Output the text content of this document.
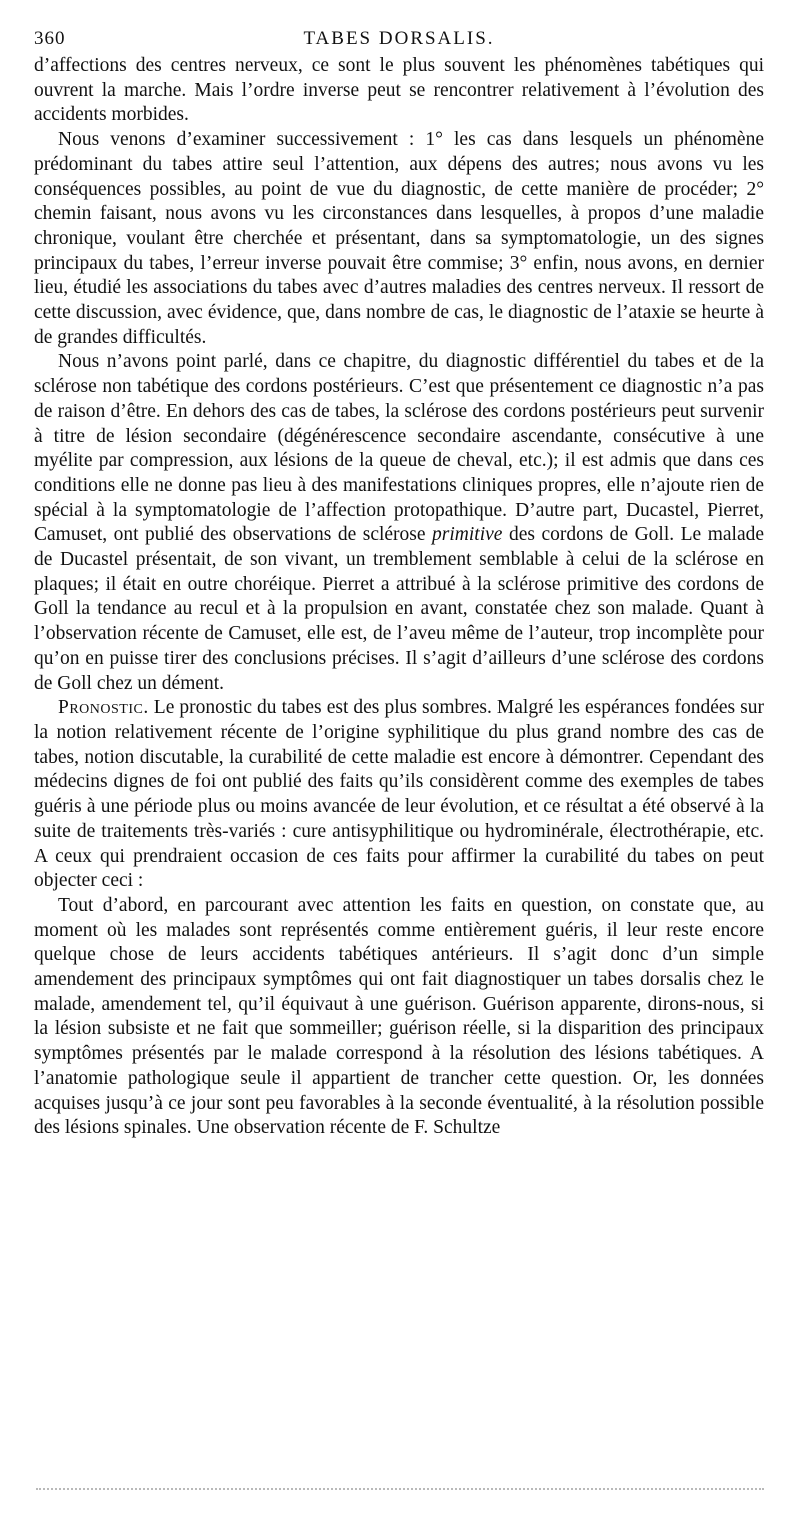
360	TABES DORSALIS.

d’affections des centres nerveux, ce sont le plus souvent les phénomènes tabétiques qui ouvrent la marche. Mais l’ordre inverse peut se rencontrer relativement à l’évolution des accidents morbides.

Nous venons d’examiner successivement : 1° les cas dans lesquels un phénomène prédominant du tabes attire seul l’attention, aux dépens des autres; nous avons vu les conséquences possibles, au point de vue du diagnostic, de cette manière de procéder; 2° chemin faisant, nous avons vu les circonstances dans lesquelles, à propos d’une maladie chronique, voulant être cherchée et présentant, dans sa symptomatologie, un des signes principaux du tabes, l’erreur inverse pouvait être commise; 3° enfin, nous avons, en dernier lieu, étudié les associations du tabes avec d’autres maladies des centres nerveux. Il ressort de cette discussion, avec évidence, que, dans nombre de cas, le diagnostic de l’ataxie se heurte à de grandes difficultés.

Nous n’avons point parlé, dans ce chapitre, du diagnostic différentiel du tabes et de la sclérose non tabétique des cordons postérieurs. C’est que présentement ce diagnostic n’a pas de raison d’être. En dehors des cas de tabes, la sclérose des cordons postérieurs peut survenir à titre de lésion secondaire (dégénérescence secondaire ascendante, consécutive à une myélite par compression, aux lésions de la queue de cheval, etc.); il est admis que dans ces conditions elle ne donne pas lieu à des manifestations cliniques propres, elle n’ajoute rien de spécial à la symptomatologie de l’affection protopathique. D’autre part, Ducastel, Pierret, Camuset, ont publié des observations de sclérose primitive des cordons de Goll. Le malade de Ducastel présentait, de son vivant, un tremblement semblable à celui de la sclérose en plaques; il était en outre choréique. Pierret a attribué à la sclérose primitive des cordons de Goll la tendance au recul et à la propulsion en avant, constatée chez son malade. Quant à l’observation récente de Camuset, elle est, de l’aveu même de l’auteur, trop incomplète pour qu’on en puisse tirer des conclusions précises. Il s’agit d’ailleurs d’une sclérose des cordons de Goll chez un dément.

Pronostic. Le pronostic du tabes est des plus sombres. Malgré les espérances fondées sur la notion relativement récente de l’origine syphilitique du plus grand nombre des cas de tabes, notion discutable, la curabilité de cette maladie est encore à démontrer. Cependant des médecins dignes de foi ont publié des faits qu’ils considèrent comme des exemples de tabes guéris à une période plus ou moins avancée de leur évolution, et ce résultat a été observé à la suite de traitements très-variés : cure antisyphilitique ou hydrominérale, électrothérapie, etc. A ceux qui prendraient occasion de ces faits pour affirmer la curabilité du tabes on peut objecter ceci :

Tout d’abord, en parcourant avec attention les faits en question, on constate que, au moment où les malades sont représentés comme entièrement guéris, il leur reste encore quelque chose de leurs accidents tabétiques antérieurs. Il s’agit donc d’un simple amendement des principaux symptômes qui ont fait diagnostiquer un tabes dorsalis chez le malade, amendement tel, qu’il équivaut à une guérison. Guérison apparente, dirons-nous, si la lésion subsiste et ne fait que sommeiller; guérison réelle, si la disparition des principaux symptômes présentés par le malade correspond à la résolution des lésions tabétiques. A l’anatomie pathologique seule il appartient de trancher cette question. Or, les données acquises jusqu’à ce jour sont peu favorables à la seconde éventualité, à la résolution possible des lésions spinales. Une observation récente de F. Schultze
